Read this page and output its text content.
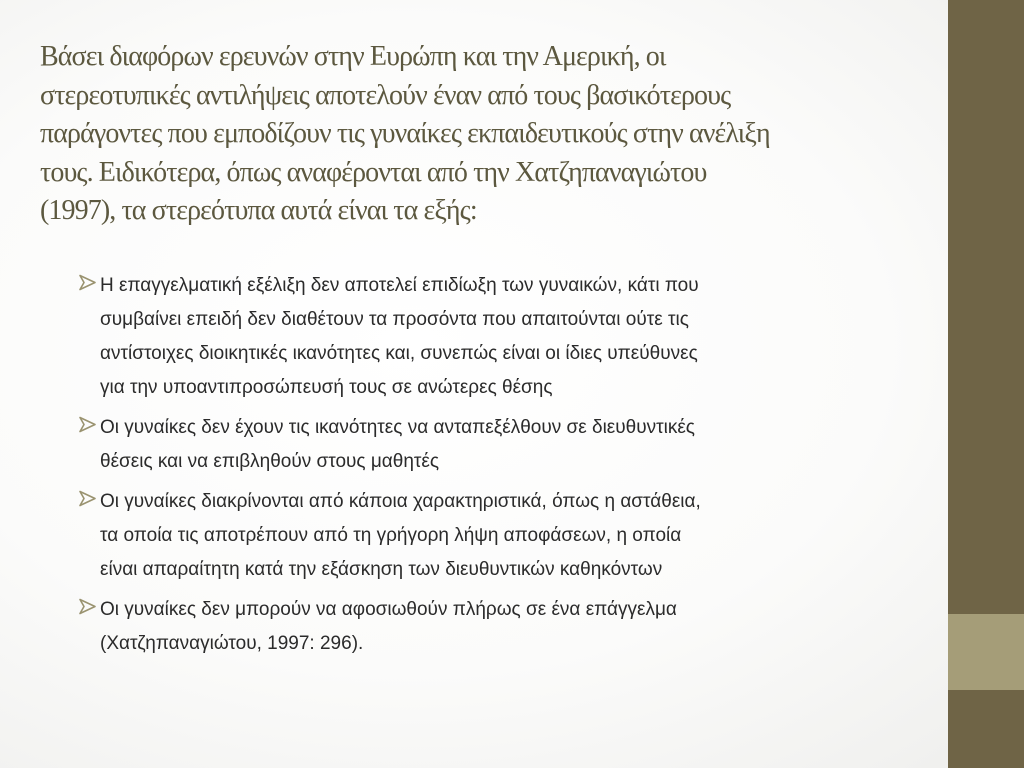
Βάσει διαφόρων ερευνών στην Ευρώπη και την Αμερική, οι
στερεοτυπικές αντιλήψεις αποτελούν έναν από τους βασικότερους
παράγοντες που εμποδίζουν τις γυναίκες εκπαιδευτικούς στην ανέλιξη
τους. Ειδικότερα, όπως αναφέρονται από την Χατζηπαναγιώτου
(1997), τα στερεότυπα αυτά είναι τα εξής:
Η επαγγελματική εξέλιξη δεν αποτελεί επιδίωξη των γυναικών, κάτι που
συμβαίνει επειδή δεν διαθέτουν τα προσόντα που απαιτούνται ούτε τις
αντίστοιχες διοικητικές ικανότητες και, συνεπώς είναι οι ίδιες υπεύθυνες
για την υποαντιπροσώπευσή τους σε ανώτερες θέσης
Οι γυναίκες δεν έχουν τις ικανότητες να ανταπεξέλθουν σε διευθυντικές
θέσεις και να επιβληθούν στους μαθητές
Οι γυναίκες διακρίνονται από κάποια χαρακτηριστικά, όπως η αστάθεια,
τα οποία τις αποτρέπουν από τη γρήγορη λήψη αποφάσεων, η οποία
είναι απαραίτητη κατά την εξάσκηση των διευθυντικών καθηκόντων
Οι γυναίκες δεν μπορούν να αφοσιωθούν πλήρως σε ένα επάγγελμα
(Χατζηπαναγιώτου, 1997: 296).
